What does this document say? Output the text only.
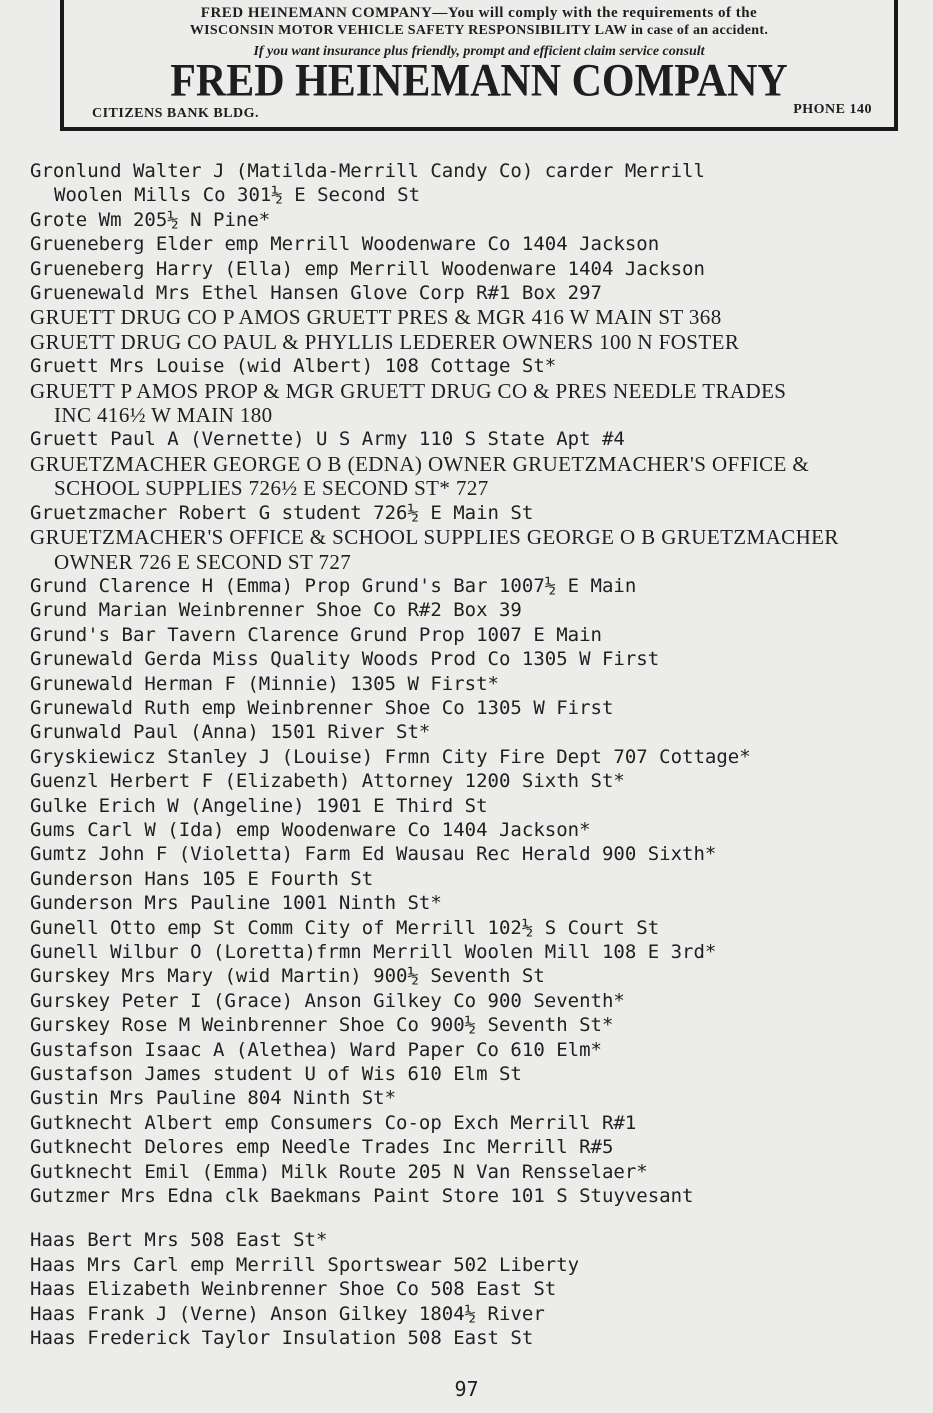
FRED HEINEMANN COMPANY—You will comply with the requirements of the
WISCONSIN MOTOR VEHICLE SAFETY RESPONSIBILITY LAW in case of an accident.
If you want insurance plus friendly, prompt and efficient claim service consult
FRED HEINEMANN COMPANY
CITIZENS BANK BLDG.	PHONE 140
Gronlund Walter J (Matilda-Merrill Candy Co) carder Merrill
Woolen Mills Co 301½ E Second St
Grote Wm 205½ N Pine*
Grueneberg Elder emp Merrill Woodenware Co 1404 Jackson
Grueneberg Harry (Ella) emp Merrill Woodenware 1404 Jackson
Gruenewald Mrs Ethel Hansen Glove Corp R#1 Box 297
GRUETT DRUG CO P AMOS GRUETT PRES & MGR 416 W MAIN ST 368
GRUETT DRUG CO PAUL & PHYLLIS LEDERER OWNERS 100 N FOSTER
Gruett Mrs Louise (wid Albert) 108 Cottage St*
GRUETT P AMOS PROP & MGR GRUETT DRUG CO & PRES NEEDLE TRADES
INC 416½ W MAIN 180
Gruett Paul A (Vernette) U S Army 110 S State Apt #4
GRUETZMACHER GEORGE O B (EDNA) OWNER GRUETZMACHER'S OFFICE &
SCHOOL SUPPLIES 726½ E SECOND ST* 727
Gruetzmacher Robert G student 726½ E Main St
GRUETZMACHER'S OFFICE & SCHOOL SUPPLIES GEORGE O B GRUETZMACHER
OWNER 726 E SECOND ST 727
Grund Clarence H (Emma) Prop Grund's Bar 1007½ E Main
Grund Marian Weinbrenner Shoe Co R#2 Box 39
Grund's Bar Tavern Clarence Grund Prop 1007 E Main
Grunewald Gerda Miss Quality Woods Prod Co 1305 W First
Grunewald Herman F (Minnie) 1305 W First*
Grunewald Ruth emp Weinbrenner Shoe Co 1305 W First
Grunwald Paul (Anna) 1501 River St*
Gryskiewicz Stanley J (Louise) Frmn City Fire Dept 707 Cottage*
Guenzl Herbert F (Elizabeth) Attorney 1200 Sixth St*
Gulke Erich W (Angeline) 1901 E Third St
Gums Carl W (Ida) emp Woodenware Co 1404 Jackson*
Gumtz John F (Violetta) Farm Ed Wausau Rec Herald 900 Sixth*
Gunderson Hans 105 E Fourth St
Gunderson Mrs Pauline 1001 Ninth St*
Gunell Otto emp St Comm City of Merrill 102½ S Court St
Gunell Wilbur O (Loretta)frmn Merrill Woolen Mill 108 E 3rd*
Gurskey Mrs Mary (wid Martin) 900½ Seventh St
Gurskey Peter I (Grace) Anson Gilkey Co 900 Seventh*
Gurskey Rose M Weinbrenner Shoe Co 900½ Seventh St*
Gustafson Isaac A (Alethea) Ward Paper Co 610 Elm*
Gustafson James student U of Wis 610 Elm St
Gustin Mrs Pauline 804 Ninth St*
Gutknecht Albert emp Consumers Co-op Exch Merrill R#1
Gutknecht Delores emp Needle Trades Inc Merrill R#5
Gutknecht Emil (Emma) Milk Route 205 N Van Rensselaer*
Gutzmer Mrs Edna clk Baekmans Paint Store 101 S Stuyvesant
Haas Bert Mrs 508 East St*
Haas Mrs Carl emp Merrill Sportswear 502 Liberty
Haas Elizabeth Weinbrenner Shoe Co 508 East St
Haas Frank J (Verne) Anson Gilkey 1804½ River
Haas Frederick Taylor Insulation 508 East St
97
